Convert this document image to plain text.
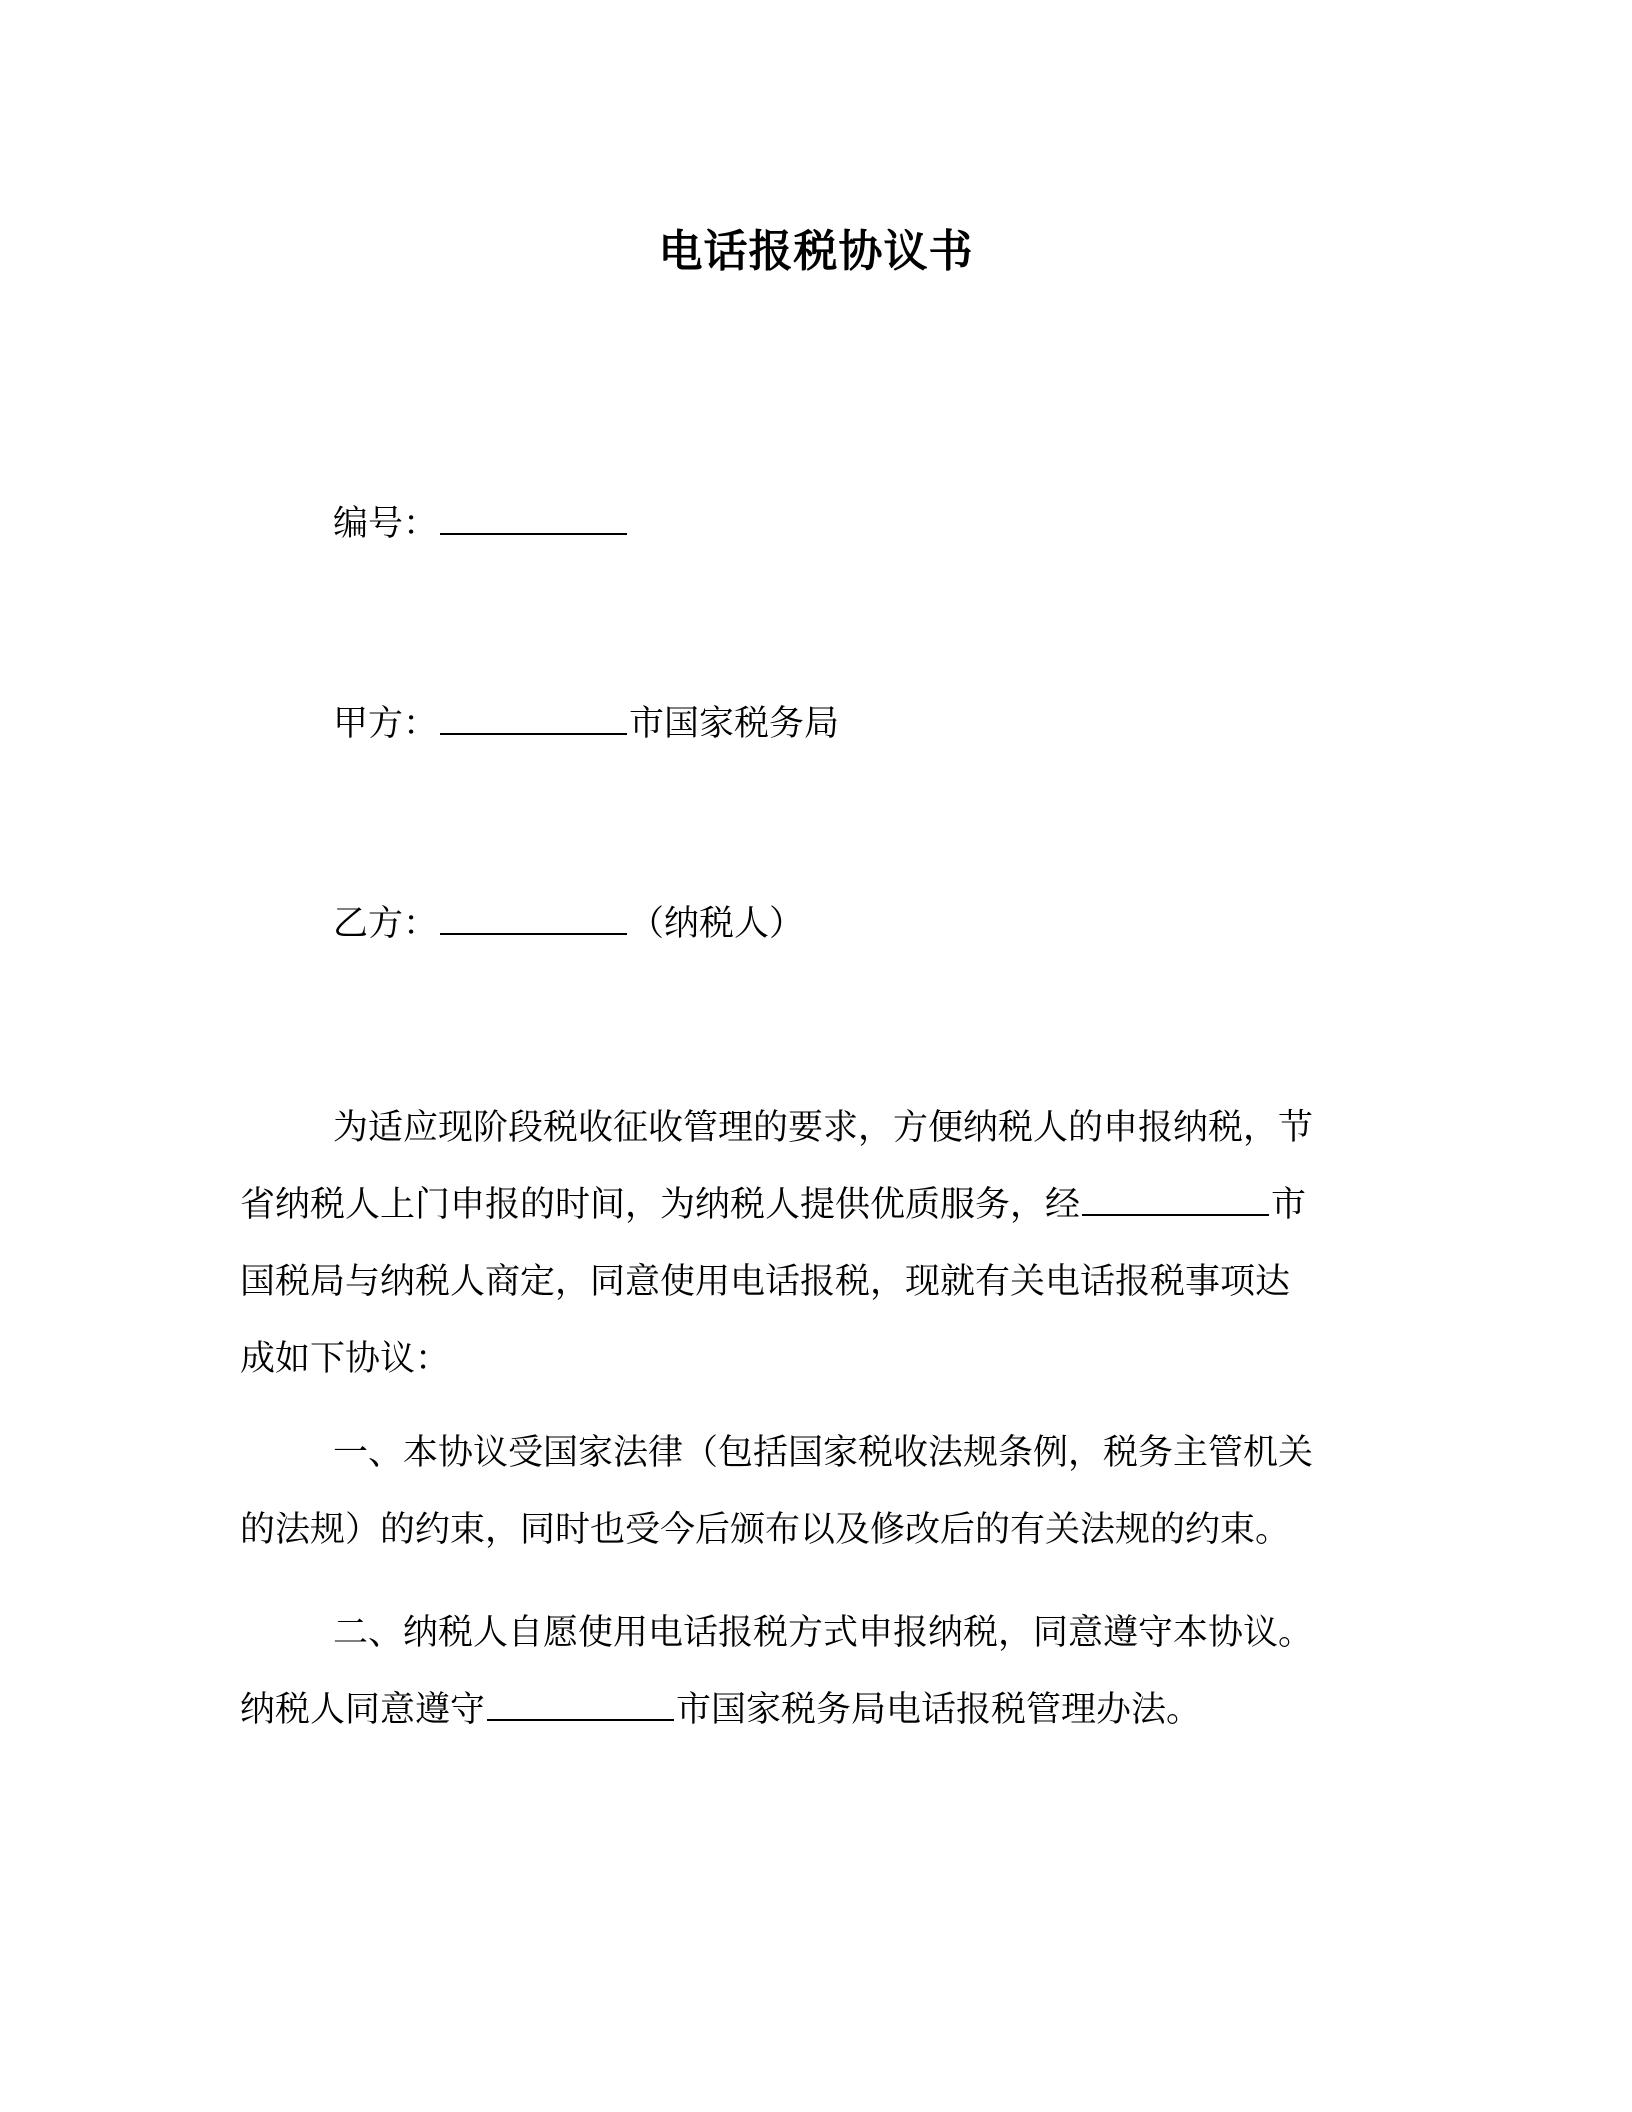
电话报税协议书
编号：
甲方：	市国家税务局
乙方：	（纳税人）
为适应现阶段税收征收管理的要求，方便纳税人的申报纳税，节
省纳税人上门申报的时间，为纳税人提供优质服务，经	市
国税局与纳税人商定，同意使用电话报税，现就有关电话报税事项达
成如下协议：
一、本协议受国家法律（包括国家税收法规条例，税务主管机关
的法规）的约束，同时也受今后颁布以及修改后的有关法规的约束。
二、纳税人自愿使用电话报税方式申报纳税，同意遵守本协议。
纳税人同意遵守	市国家税务局电话报税管理办法。
